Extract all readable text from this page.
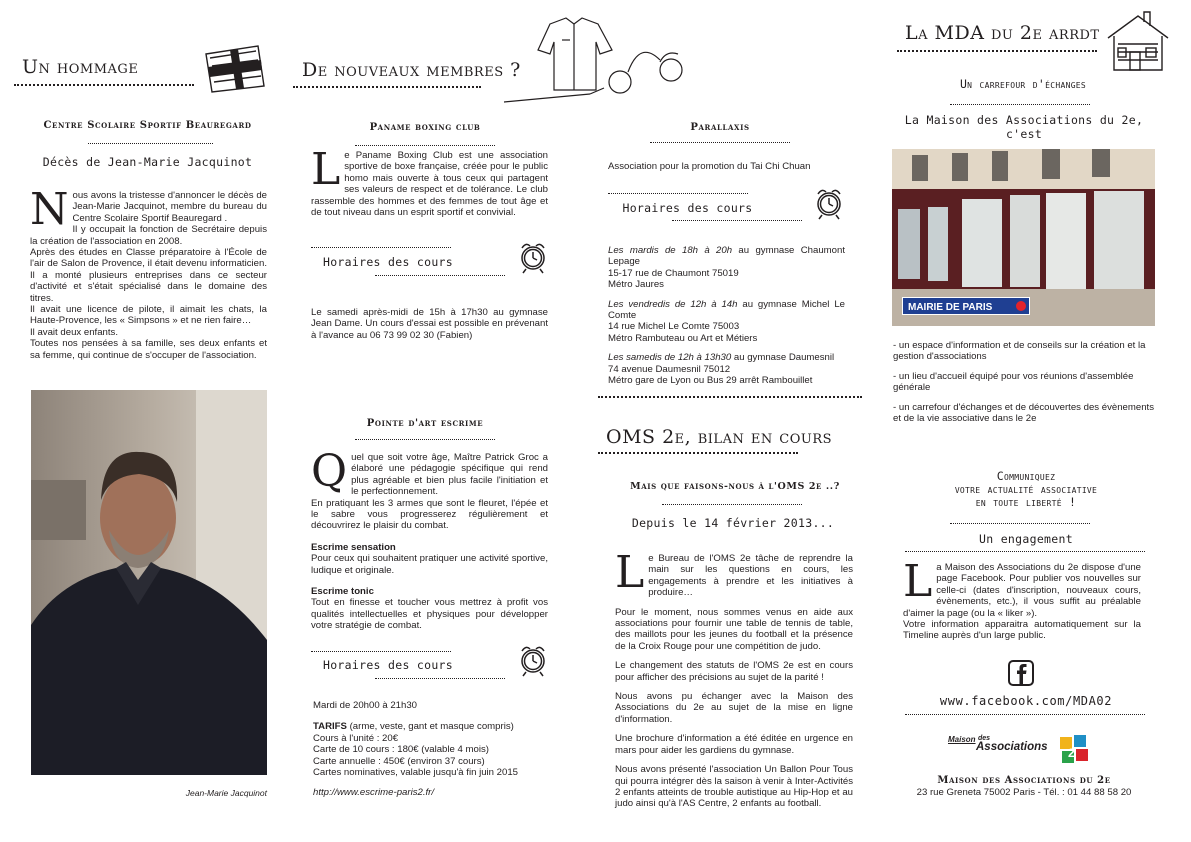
Un hommage
Centre Scolaire Sportif Beauregard
Décès de Jean-Marie Jacquinot
Nous avons la tristesse d'annoncer le décès de Jean-Marie Jacquinot, membre du bureau du Centre Scolaire Sportif Beauregard .

Il y occupait la fonction de Secrétaire depuis la création de l'association en 2008.

Après des études en Classe préparatoire à l'École de l'air de Salon de Provence, il était devenu informaticien. Il a monté plusieurs entreprises dans ce secteur d'activité et s'était spécialisé dans le domaine des titres.

Il avait une licence de pilote, il aimait les chats, la Haute-Provence, les « Simpsons » et ne rien faire…

Il avait deux enfants.

Toutes nos pensées à sa famille, ses deux enfants et sa femme, qui continue de s'occuper de l'association.

Jean-Marie Jacquinot
De nouveaux membres ?
Paname boxing club
Le Paname Boxing Club est une association sportive de boxe française, créée pour le public homo mais ouverte à tous ceux qui partagent ses valeurs de respect et de tolérance. Le club rassemble des hommes et des femmes de tout âge et de tout niveau dans un esprit sportif et convivial.
Horaires des cours
Le samedi après-midi de 15h à 17h30 au gymnase Jean Dame. Un cours d'essai est possible en prévenant à l'avance au 06 73 99 02 30 (Fabien)
Pointe d'art escrime
Quel que soit votre âge, Maître Patrick Groc a élaboré une pédagogie spécifique qui rend plus agréable et bien plus facile l'initiation et le perfectionnement.

En pratiquant les 3 armes que sont le fleuret, l'épée et le sabre vous progresserez régulièrement et découvrirez le plaisir du combat.

Escrime sensation

Pour ceux qui souhaitent pratiquer une activité sportive, ludique et originale.

Escrime tonic

Tout en finesse et toucher vous mettrez à profit vos qualités intellectuelles et physiques pour développer votre stratégie de combat.

Horaires des cours

Mardi de 20h00 à 21h30

TARIFS (arme, veste, gant et masque compris)

Cours à l'unité : 20€

Carte de 10 cours : 180€ (valable 4 mois)

Carte annuelle : 450€ (environ 37 cours)

Cartes nominatives, valable jusqu'à fin juin 2015

http://www.escrime-paris2.fr/
Parallaxis
Association pour la promotion du Tai Chi Chuan
Horaires des cours

Les mardis de 18h à 20h au gymnase Chaumont Lepage

15-17 rue de Chaumont 75019

Métro Jaures

Les vendredis de 12h à 14h au gymnase Michel Le Comte

14 rue Michel Le Comte 75003

Métro Rambuteau ou Art et Métiers

Les samedis de 12h à 13h30 au gymnase Daumesnil 74 avenue Daumesnil 75012

Métro gare de Lyon ou Bus 29 arrêt Rambouillet

OMS 2e, bilan en cours
Mais que faisons-nous à l'OMS 2e ..?
Depuis le 14 février 2013...
Le Bureau de l'OMS 2e tâche de reprendre la main sur les questions en cours, les engagements à prendre et les initiatives à produire…

Pour le moment, nous sommes venus en aide aux associations pour fournir une table de tennis de table, des maillots pour les jeunes du football et la présence de la Croix Rouge pour une compétition de judo.

Le changement des statuts de l'OMS 2e est en cours pour afficher des précisions au sujet de la parité !

Nous avons pu échanger avec la Maison des Associations du 2e au sujet de la mise en ligne d'information.

Une brochure d'information a été éditée en urgence en mars pour aider les gardiens du gymnase.

Nous avons présenté l'association Un Ballon Pour Tous qui pourra intégrer dès la saison à venir à Inter-Activités 2 enfants atteints de trouble autistique au Hip-Hop et au judo ainsi qu'à l'AS Centre, 2 enfants au football.

La MDA du 2e arrdt
Un carrefour d'échanges
La Maison des Associations du 2e, c'est
MAIRIE DE PARIS

- un espace d'information et de conseils sur la création et la gestion d'associations

- un lieu d'accueil équipé pour vos réunions d'assemblée générale

- un carrefour d'échanges et de découvertes des évènements et de la vie associative dans le 2e

Communiquez
votre actualité associative
en toute liberté !
Un engagement
La Maison des Associations du 2e dispose d'une page Facebook. Pour publier vos nouvelles sur celle-ci (dates d'inscription, nouveaux cours, évènements, etc.), il vous suffit au préalable d'aimer la page (ou la « liker »).

Votre information apparaitra automatiquement sur la Timeline auprès d'un large public.

www.facebook.com/MDA02
Maison des
Associations 2
Maison des Associations du 2e
23 rue Greneta 75002 Paris - Tél. : 01 44 88 58 20
